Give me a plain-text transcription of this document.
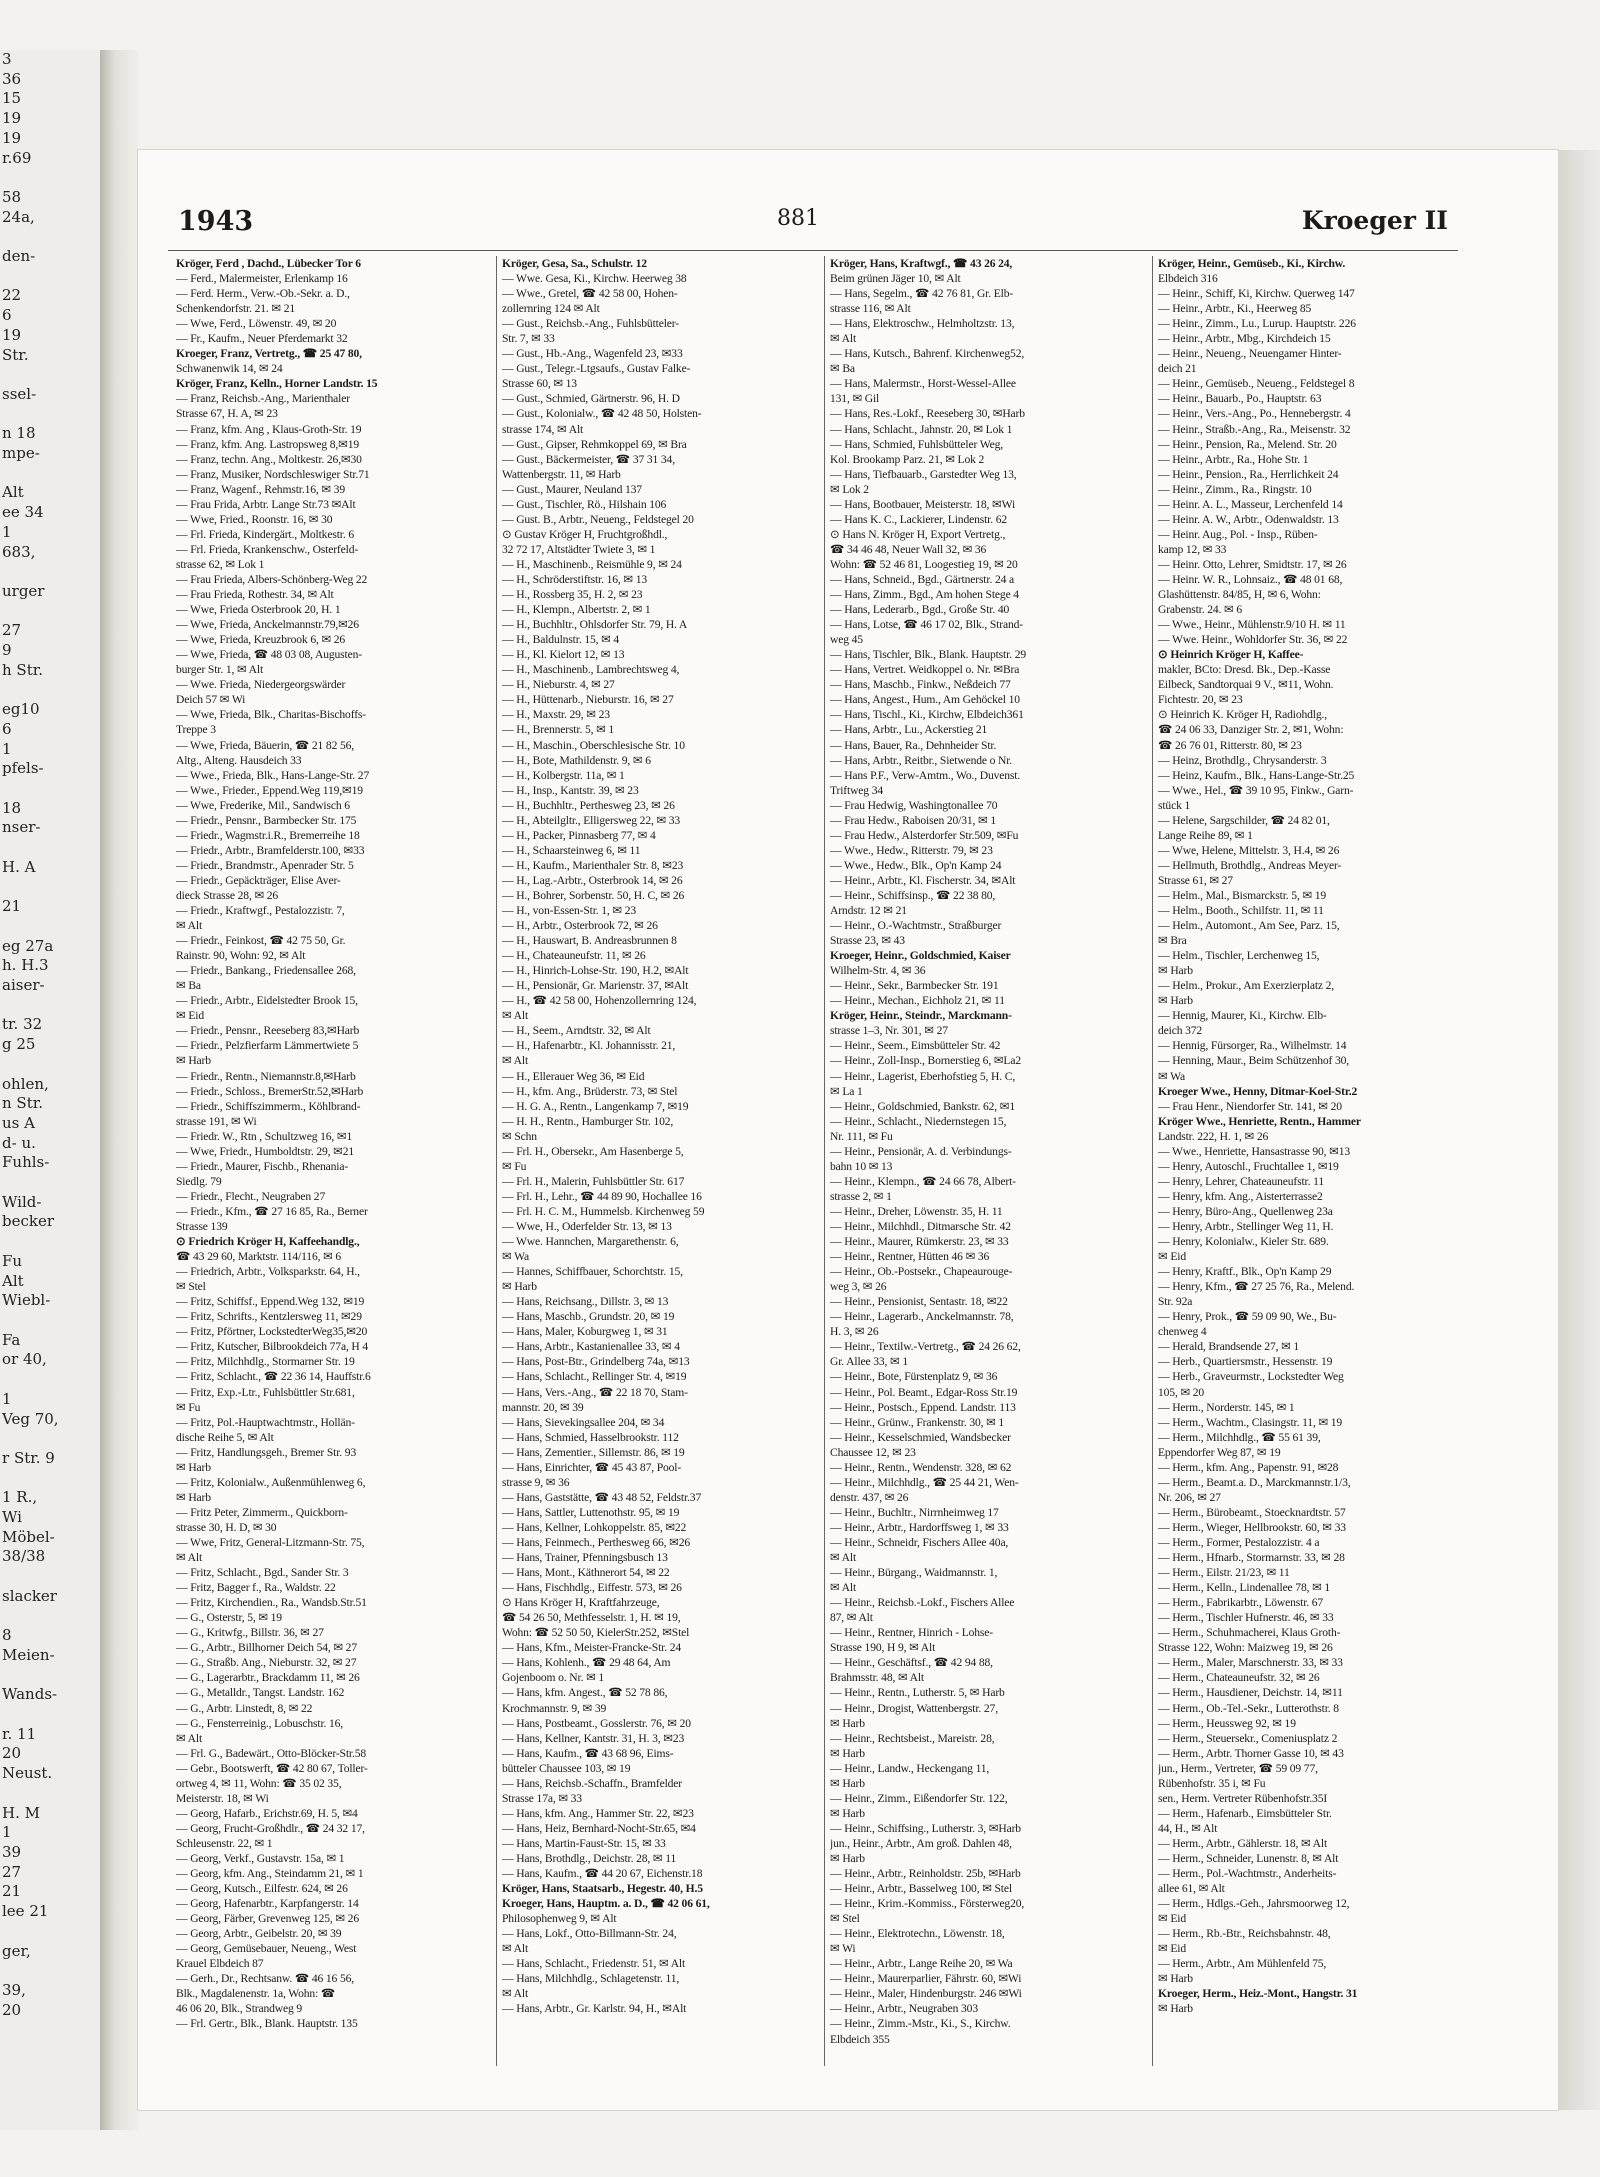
3
36
15
19
19
r.69

58
24a,

den-

22
6
19
Str.

ssel-

n 18
mpe-

Alt
ee 34
1
683,

urger

27
9
h Str.

eg10
6
1
pfels-

18
nser-

H. A

21

eg 27a
h. H.3
aiser-

tr. 32
g 25

ohlen,
n Str.
us A
d- u.
Fuhls-

Wild-
becker

Fu
Alt
Wiebl-

Fa
or 40,

1
Veg 70,

r Str. 9

1 R.,
Wi
Möbel-
38/38

slacker

8
Meien-

Wands-

r. 11
20
Neust.

H. M
1
39
27
21
lee 21

ger,

39,
20
1943	881	Kroeger II
Kröger, Ferd , Dachd., Lübecker Tor 6
— Ferd., Malermeister, Erlenkamp 16
— Ferd. Herm., Verw.-Ob.-Sekr. a. D.,
Schenkendorfstr. 21. ✉ 21
— Wwe, Ferd., Löwenstr. 49, ✉ 20
— Fr., Kaufm., Neuer Pferdemarkt 32
Kroeger, Franz, Vertretg., ☎ 25 47 80,
Schwanenwik 14, ✉ 24
Kröger, Franz, Kelln., Horner Landstr. 15
— Franz, Reichsb.-Ang., Marienthaler
Strasse 67, H. A, ✉ 23
— Franz, kfm. Ang , Klaus-Groth-Str. 19
— Franz, kfm. Ang. Lastropsweg 8,✉19
— Franz, techn. Ang., Moltkestr. 26,✉30
— Franz, Musiker, Nordschleswiger Str.71
— Franz, Wagenf., Rehmstr.16, ✉ 39
— Frau Frida, Arbtr. Lange Str.73 ✉Alt
— Wwe, Fried., Roonstr. 16, ✉ 30
— Frl. Frieda, Kindergärt., Moltkestr. 6
— Frl. Frieda, Krankenschw., Osterfeld-
strasse 62, ✉ Lok 1
— Frau Frieda, Albers-Schönberg-Weg 22
— Frau Frieda, Rothestr. 34, ✉ Alt
— Wwe, Frieda Osterbrook 20, H. 1
— Wwe, Frieda, Anckelmannstr.79,✉26
— Wwe, Frieda, Kreuzbrook 6, ✉ 26
— Wwe, Frieda, ☎ 48 03 08, Augusten-
burger Str. 1, ✉ Alt
— Wwe. Frieda, Niedergeorgswärder
Deich 57 ✉ Wi
— Wwe, Frieda, Blk., Charitas-Bischoffs-
Treppe 3
— Wwe, Frieda, Bäuerin, ☎ 21 82 56,
Altg., Alteng. Hausdeich 33
— Wwe., Frieda, Blk., Hans-Lange-Str. 27
— Wwe., Frieder., Eppend.Weg 119,✉19
— Wwe, Frederike, Mil., Sandwisch 6
— Friedr., Pensnr., Barmbecker Str. 175
— Friedr., Wagmstr.i.R., Bremerreihe 18
— Friedr., Arbtr., Bramfelderstr.100, ✉33
— Friedr., Brandmstr., Apenrader Str. 5
— Friedr., Gepäckträger, Elise Aver-
dieck Strasse 28, ✉ 26
— Friedr., Kraftwgf., Pestalozzistr. 7,
✉ Alt
— Friedr., Feinkost, ☎ 42 75 50, Gr.
Rainstr. 90, Wohn: 92, ✉ Alt
— Friedr., Bankang., Friedensallee 268,
✉ Ba
— Friedr., Arbtr., Eidelstedter Brook 15,
✉ Eid
— Friedr., Pensnr., Reeseberg 83,✉Harb
— Friedr., Pelzfierfarm Lämmertwiete 5
✉ Harb
— Friedr., Rentn., Niemannstr.8,✉Harb
— Friedr., Schloss., BremerStr.52,✉Harb
— Friedr., Schiffszimmerm., Köhlbrand-
strasse 191, ✉ Wi
— Friedr. W., Rtn , Schultzweg 16, ✉1
— Wwe, Friedr., Humboldtstr. 29, ✉21
— Friedr., Maurer, Fischb., Rhenania-
Siedlg. 79
— Friedr., Flecht., Neugraben 27
— Friedr., Kfm., ☎ 27 16 85, Ra., Berner
Strasse 139
⊙ Friedrich Kröger H, Kaffeehandlg.,
☎ 43 29 60, Marktstr. 114/116, ✉ 6
— Friedrich, Arbtr., Volksparkstr. 64, H.,
✉ Stel
— Fritz, Schiffsf., Eppend.Weg 132, ✉19
— Fritz, Schrifts., Kentzlersweg 11, ✉29
— Fritz, Pförtner, LockstedterWeg35,✉20
— Fritz, Kutscher, Bilbrookdeich 77a, H 4
— Fritz, Milchhdlg., Stormarner Str. 19
— Fritz, Schlacht., ☎ 22 36 14, Hauffstr.6
— Fritz, Exp.-Ltr., Fuhlsbüttler Str.681,
✉ Fu
— Fritz, Pol.-Hauptwachtmstr., Hollän-
dische Reihe 5, ✉ Alt
— Fritz, Handlungsgeh., Bremer Str. 93
✉ Harb
— Fritz, Kolonialw., Außenmühlenweg 6,
✉ Harb
— Fritz Peter, Zimmerm., Quickborn-
strasse 30, H. D, ✉ 30
— Wwe, Fritz, General-Litzmann-Str. 75,
✉ Alt
— Fritz, Schlacht., Bgd., Sander Str. 3
— Fritz, Bagger f., Ra., Waldstr. 22
— Fritz, Kirchendien., Ra., Wandsb.Str.51
— G., Osterstr, 5, ✉ 19
— G., Kritwfg., Billstr. 36, ✉ 27
— G., Arbtr., Billhorner Deich 54, ✉ 27
— G., Straßb. Ang., Nieburstr. 32, ✉ 27
— G., Lagerarbtr., Brackdamm 11, ✉ 26
— G., Metalldr., Tangst. Landstr. 162
— G., Arbtr. Linstedt, 8, ✉ 22
— G., Fensterreinig., Lobuschstr. 16,
✉ Alt
— Frl. G., Badewärt., Otto-Blöcker-Str.58
— Gebr., Bootswerft, ☎ 42 80 67, Toller-
ortweg 4, ✉ 11, Wohn: ☎ 35 02 35,
Meisterstr. 18, ✉ Wi
— Georg, Hafarb., Erichstr.69, H. 5, ✉4
— Georg, Frucht-Großhdlr., ☎ 24 32 17,
Schleusenstr. 22, ✉ 1
— Georg, Verkf., Gustavstr. 15a, ✉ 1
— Georg, kfm. Ang., Steindamm 21, ✉ 1
— Georg, Kutsch., Eilfestr. 624, ✉ 26
— Georg, Hafenarbtr., Karpfangerstr. 14
— Georg, Färber, Grevenweg 125, ✉ 26
— Georg, Arbtr., Geibelstr. 20, ✉ 39
— Georg, Gemüsebauer, Neueng., West
Krauel Elbdeich 87
— Gerh., Dr., Rechtsanw. ☎ 46 16 56,
Blk., Magdalenenstr. 1a, Wohn: ☎
46 06 20, Blk., Strandweg 9
— Frl. Gertr., Blk., Blank. Hauptstr. 135
Kröger, Gesa, Sa., Schulstr. 12
— Wwe. Gesa, Ki., Kirchw. Heerweg 38
— Wwe., Gretel, ☎ 42 58 00, Hohen-
zollernring 124 ✉ Alt
— Gust., Reichsb.-Ang., Fuhlsbütteler-
Str. 7, ✉ 33
— Gust., Hb.-Ang., Wagenfeld 23, ✉33
— Gust., Telegr.-Ltgsaufs., Gustav Falke-
Strasse 60, ✉ 13
— Gust., Schmied, Gärtnerstr. 96, H. D
— Gust., Kolonialw., ☎ 42 48 50, Holsten-
strasse 174, ✉ Alt
— Gust., Gipser, Rehmkoppel 69, ✉ Bra
— Gust., Bäckermeister, ☎ 37 31 34,
Wattenbergstr. 11, ✉ Harb
— Gust., Maurer, Neuland 137
— Gust., Tischler, Rö., Hilshain 106
— Gust. B., Arbtr., Neueng., Feldstegel 20
⊙ Gustav Kröger H, Fruchtgroßhdl.,
32 72 17, Altstädter Twiete 3, ✉ 1
— H., Maschinenb., Reismühle 9, ✉ 24
— H., Schröderstiftstr. 16, ✉ 13
— H., Rossberg 35, H. 2, ✉ 23
— H., Klempn., Albertstr. 2, ✉ 1
— H., Buchhltr., Ohlsdorfer Str. 79, H. A
— H., Baldulnstr. 15, ✉ 4
— H., Kl. Kielort 12, ✉ 13
— H., Maschinenb., Lambrechtsweg 4,
— H., Nieburstr. 4, ✉ 27
— H., Hüttenarb., Nieburstr. 16, ✉ 27
— H., Maxstr. 29, ✉ 23
— H., Brennerstr. 5, ✉ 1
— H., Maschin., Oberschlesische Str. 10
— H., Bote, Mathildenstr. 9, ✉ 6
— H., Kolbergstr. 11a, ✉ 1
— H., Insp., Kantstr. 39, ✉ 23
— H., Buchhltr., Perthesweg 23, ✉ 26
— H., Abteilgltr., Elligersweg 22, ✉ 33
— H., Packer, Pinnasberg 77, ✉ 4
— H., Schaarsteinweg 6, ✉ 11
— H., Kaufm., Marienthaler Str. 8, ✉23
— H., Lag.-Arbtr., Osterbrook 14, ✉ 26
— H., Bohrer, Sorbenstr. 50, H. C, ✉ 26
— H., von-Essen-Str. 1, ✉ 23
— H., Arbtr., Osterbrook 72, ✉ 26
— H., Hauswart, B. Andreasbrunnen 8
— H., Chateauneufstr. 11, ✉ 26
— H., Hinrich-Lohse-Str. 190, H.2, ✉Alt
— H., Pensionär, Gr. Marienstr. 37, ✉Alt
— H., ☎ 42 58 00, Hohenzollernring 124,
✉ Alt
— H., Seem., Arndtstr. 32, ✉ Alt
— H., Hafenarbtr., Kl. Johannisstr. 21,
✉ Alt
— H., Ellerauer Weg 36, ✉ Eid
— H., kfm. Ang., Brüderstr. 73, ✉ Stel
— H. G. A., Rentn., Langenkamp 7, ✉19
— H. H., Rentn., Hamburger Str. 102,
✉ Schn
— Frl. H., Obersekr., Am Hasenberge 5,
✉ Fu
— Frl. H., Malerin, Fuhlsbüttler Str. 617
— Frl. H., Lehr., ☎ 44 89 90, Hochallee 16
— Frl. H. C. M., Hummelsb. Kirchenweg 59
— Wwe, H., Oderfelder Str. 13, ✉ 13
— Wwe. Hannchen, Margarethenstr. 6,
✉ Wa
— Hannes, Schiffbauer, Schorchtstr. 15,
✉ Harb
— Hans, Reichsang., Dillstr. 3, ✉ 13
— Hans, Maschb., Grundstr. 20, ✉ 19
— Hans, Maler, Koburgweg 1, ✉ 31
— Hans, Arbtr., Kastanienallee 33, ✉ 4
— Hans, Post-Btr., Grindelberg 74a, ✉13
— Hans, Schlacht., Rellinger Str. 4, ✉19
— Hans, Vers.-Ang., ☎ 22 18 70, Stam-
mannstr. 20, ✉ 39
— Hans, Sievekingsallee 204, ✉ 34
— Hans, Schmied, Hasselbrookstr. 112
— Hans, Zementier., Sillemstr. 86, ✉ 19
— Hans, Einrichter, ☎ 45 43 87, Pool-
strasse 9, ✉ 36
— Hans, Gaststätte, ☎ 43 48 52, Feldstr.37
— Hans, Sattler, Luttenothstr. 95, ✉ 19
— Hans, Kellner, Lohkoppelstr. 85, ✉22
— Hans, Feinmech., Perthesweg 66, ✉26
— Hans, Trainer, Pfenningsbusch 13
— Hans, Mont., Käthnerort 54, ✉ 22
— Hans, Fischhdlg., Eiffestr. 573, ✉ 26
⊙ Hans Kröger H, Kraftfahrzeuge,
☎ 54 26 50, Methfesselstr. 1, H. ✉ 19,
Wohn: ☎ 52 50 50, KielerStr.252, ✉Stel
— Hans, Kfm., Meister-Francke-Str. 24
— Hans, Kohlenh., ☎ 29 48 64, Am
Gojenboom o. Nr. ✉ 1
— Hans, kfm. Angest., ☎ 52 78 86,
Krochmannstr. 9, ✉ 39
— Hans, Postbeamt., Gosslerstr. 76, ✉ 20
— Hans, Kellner, Kantstr. 31, H. 3, ✉23
— Hans, Kaufm., ☎ 43 68 96, Eims-
bütteler Chaussee 103, ✉ 19
— Hans, Reichsb.-Schaffn., Bramfelder
Strasse 17a, ✉ 33
— Hans, kfm. Ang., Hammer Str. 22, ✉23
— Hans, Heiz, Bernhard-Nocht-Str.65, ✉4
— Hans, Martin-Faust-Str. 15, ✉ 33
— Hans, Brothdlg., Deichstr. 28, ✉ 11
— Hans, Kaufm., ☎ 44 20 67, Eichenstr.18
Kröger, Hans, Staatsarb., Hegestr. 40, H.5
Kroeger, Hans, Hauptm. a. D., ☎ 42 06 61,
Philosophenweg 9, ✉ Alt
— Hans, Lokf., Otto-Billmann-Str. 24,
✉ Alt
— Hans, Schlacht., Friedenstr. 51, ✉ Alt
— Hans, Milchhdlg., Schlagetenstr. 11,
✉ Alt
— Hans, Arbtr., Gr. Karlstr. 94, H., ✉Alt
Kröger, Hans, Kraftwgf., ☎ 43 26 24,
Beim grünen Jäger 10, ✉ Alt
— Hans, Segelm., ☎ 42 76 81, Gr. Elb-
strasse 116, ✉ Alt
— Hans, Elektroschw., Helmholtzstr. 13,
✉ Alt
— Hans, Kutsch., Bahrenf. Kirchenweg52,
✉ Ba
— Hans, Malermstr., Horst-Wessel-Allee
131, ✉ Gil
— Hans, Res.-Lokf., Reeseberg 30, ✉Harb
— Hans, Schlacht., Jahnstr. 20, ✉ Lok 1
— Hans, Schmied, Fuhlsbütteler Weg,
Kol. Brookamp Parz. 21, ✉ Lok 2
— Hans, Tiefbauarb., Garstedter Weg 13,
✉ Lok 2
— Hans, Bootbauer, Meisterstr. 18, ✉Wi
— Hans K. C., Lackierer, Lindenstr. 62
⊙ Hans N. Kröger H, Export Vertretg.,
☎ 34 46 48, Neuer Wall 32, ✉ 36
Wohn: ☎ 52 46 81, Loogestieg 19, ✉ 20
— Hans, Schneid., Bgd., Gärtnerstr. 24 a
— Hans, Zimm., Bgd., Am hohen Stege 4
— Hans, Lederarb., Bgd., Große Str. 40
— Hans, Lotse, ☎ 46 17 02, Blk., Strand-
weg 45
— Hans, Tischler, Blk., Blank. Hauptstr. 29
— Hans, Vertret. Weidkoppel o. Nr. ✉Bra
— Hans, Maschb., Finkw., Neßdeich 77
— Hans, Angest., Hum., Am Gehöckel 10
— Hans, Tischl., Ki., Kirchw, Elbdeich361
— Hans, Arbtr., Lu., Ackerstieg 21
— Hans, Bauer, Ra., Dehnheider Str.
— Hans, Arbtr., Reitbr., Sietwende o Nr.
— Hans P.F., Verw-Amtm., Wo., Duvenst.
Triftweg 34
— Frau Hedwig, Washingtonallee 70
— Frau Hedw., Raboisen 20/31, ✉ 1
— Frau Hedw., Alsterdorfer Str.509, ✉Fu
— Wwe., Hedw., Ritterstr. 79, ✉ 23
— Wwe., Hedw., Blk., Op'n Kamp 24
— Heinr., Arbtr., Kl. Fischerstr. 34, ✉Alt
— Heinr., Schiffsinsp., ☎ 22 38 80,
Arndstr. 12 ✉ 21
— Heinr., O.-Wachtmstr., Straßburger
Strasse 23, ✉ 43
Kroeger, Heinr., Goldschmied, Kaiser
Wilhelm-Str. 4, ✉ 36
— Heinr., Sekr., Barmbecker Str. 191
— Heinr., Mechan., Eichholz 21, ✉ 11
Kröger, Heinr., Steindr., Marckmann-
strasse 1–3, Nr. 301, ✉ 27
— Heinr., Seem., Eimsbütteler Str. 42
— Heinr., Zoll-Insp., Bornerstieg 6, ✉La2
— Heinr., Lagerist, Eberhofstieg 5, H. C,
✉ La 1
— Heinr., Goldschmied, Bankstr. 62, ✉1
— Heinr., Schlacht., Niedernstegen 15,
Nr. 111, ✉ Fu
— Heinr., Pensionär, A. d. Verbindungs-
bahn 10 ✉ 13
— Heinr., Klempn., ☎ 24 66 78, Albert-
strasse 2, ✉ 1
— Heinr., Dreher, Löwenstr. 35, H. 11
— Heinr., Milchhdl., Ditmarsche Str. 42
— Heinr., Maurer, Rümkerstr. 23, ✉ 33
— Heinr., Rentner, Hütten 46 ✉ 36
— Heinr., Ob.-Postsekr., Chapeaurouge-
weg 3, ✉ 26
— Heinr., Pensionist, Sentastr. 18, ✉22
— Heinr., Lagerarb., Anckelmannstr. 78,
H. 3, ✉ 26
— Heinr., Textilw.-Vertretg., ☎ 24 26 62,
Gr. Allee 33, ✉ 1
— Heinr., Bote, Fürstenplatz 9, ✉ 36
— Heinr., Pol. Beamt., Edgar-Ross Str.19
— Heinr., Postsch., Eppend. Landstr. 113
— Heinr., Grünw., Frankenstr. 30, ✉ 1
— Heinr., Kesselschmied, Wandsbecker
Chaussee 12, ✉ 23
— Heinr., Rentn., Wendenstr. 328, ✉ 62
— Heinr., Milchhdlg., ☎ 25 44 21, Wen-
denstr. 437, ✉ 26
— Heinr., Buchltr., Nirrnheimweg 17
— Heinr., Arbtr., Hardorffsweg 1, ✉ 33
— Heinr., Schneidr, Fischers Allee 40a,
✉ Alt
— Heinr., Bürgang., Waidmannstr. 1,
✉ Alt
— Heinr., Reichsb.-Lokf., Fischers Allee
87, ✉ Alt
— Heinr., Rentner, Hinrich - Lohse-
Strasse 190, H 9, ✉ Alt
— Heinr., Geschäftsf., ☎ 42 94 88,
Brahmsstr. 48, ✉ Alt
— Heinr., Rentn., Lutherstr. 5, ✉ Harb
— Heinr., Drogist, Wattenbergstr. 27,
✉ Harb
— Heinr., Rechtsbeist., Mareistr. 28,
✉ Harb
— Heinr., Landw., Heckengang 11,
✉ Harb
— Heinr., Zimm., Eißendorfer Str. 122,
✉ Harb
— Heinr., Schiffsing., Lutherstr. 3, ✉Harb
jun., Heinr., Arbtr., Am groß. Dahlen 48,
✉ Harb
— Heinr., Arbtr., Reinholdstr. 25b, ✉Harb
— Heinr., Arbtr., Basselweg 100, ✉ Stel
— Heinr., Krim.-Kommiss., Försterweg20,
✉ Stel
— Heinr., Elektrotechn., Löwenstr. 18,
✉ Wi
— Heinr., Arbtr., Lange Reihe 20, ✉ Wa
— Heinr., Maurerparlier, Fährstr. 60, ✉Wi
— Heinr., Maler, Hindenburgstr. 246 ✉Wi
— Heinr., Arbtr., Neugraben 303
— Heinr., Zimm.-Mstr., Ki., S., Kirchw.
Elbdeich 355
Kröger, Heinr., Gemüseb., Ki., Kirchw.
Elbdeich 316
— Heinr., Schiff, Ki, Kirchw. Querweg 147
— Heinr., Arbtr., Ki., Heerweg 85
— Heinr., Zimm., Lu., Lurup. Hauptstr. 226
— Heinr., Arbtr., Mbg., Kirchdeich 15
— Heinr., Neueng., Neuengamer Hinter-
deich 21
— Heinr., Gemüseb., Neueng., Feldstegel 8
— Heinr., Bauarb., Po., Hauptstr. 63
— Heinr., Vers.-Ang., Po., Hennebergstr. 4
— Heinr., Straßb.-Ang., Ra., Meisenstr. 32
— Heinr., Pension, Ra., Melend. Str. 20
— Heinr., Arbtr., Ra., Hohe Str. 1
— Heinr., Pension., Ra., Herrlichkeit 24
— Heinr., Zimm., Ra., Ringstr. 10
— Heinr. A. L., Masseur, Lerchenfeld 14
— Heinr. A. W., Arbtr., Odenwaldstr. 13
— Heinr. Aug., Pol. - Insp., Rüben-
kamp 12, ✉ 33
— Heinr. Otto, Lehrer, Smidtstr. 17, ✉ 26
— Heinr. W. R., Lohnsaiz., ☎ 48 01 68,
Glashüttenstr. 84/85, H, ✉ 6, Wohn:
Grabenstr. 24. ✉ 6
— Wwe., Heinr., Mühlenstr.9/10 H. ✉ 11
— Wwe. Heinr., Wohldorfer Str. 36, ✉ 22
⊙ Heinrich Kröger H, Kaffee-
makler, BCto: Dresd. Bk., Dep.-Kasse
Eilbeck, Sandtorquai 9 V., ✉11, Wohn.
Fichtestr. 20, ✉ 23
⊙ Heinrich K. Kröger H, Radiohdlg.,
☎ 24 06 33, Danziger Str. 2, ✉1, Wohn:
☎ 26 76 01, Ritterstr. 80, ✉ 23
— Heinz, Brothdlg., Chrysanderstr. 3
— Heinz, Kaufm., Blk., Hans-Lange-Str.25
— Wwe., Hel., ☎ 39 10 95, Finkw., Garn-
stück 1
— Helene, Sargschilder, ☎ 24 82 01,
Lange Reihe 89, ✉ 1
— Wwe, Helene, Mittelstr. 3, H.4, ✉ 26
— Hellmuth, Brothdlg., Andreas Meyer-
Strasse 61, ✉ 27
— Helm., Mal., Bismarckstr. 5, ✉ 19
— Helm., Booth., Schilfstr. 11, ✉ 11
— Helm., Automont., Am See, Parz. 15,
✉ Bra
— Helm., Tischler, Lerchenweg 15,
✉ Harb
— Helm., Prokur., Am Exerzierplatz 2,
✉ Harb
— Hennig, Maurer, Ki., Kirchw. Elb-
deich 372
— Hennig, Fürsorger, Ra., Wilhelmstr. 14
— Henning, Maur., Beim Schützenhof 30,
✉ Wa
Kroeger Wwe., Henny, Ditmar-Koel-Str.2
— Frau Henr., Niendorfer Str. 141, ✉ 20
Kröger Wwe., Henriette, Rentn., Hammer
Landstr. 222, H. 1, ✉ 26
— Wwe., Henriette, Hansastrasse 90, ✉13
— Henry, Autoschl., Fruchtallee 1, ✉19
— Henry, Lehrer, Chateauneufstr. 11
— Henry, kfm. Ang., Aisterterrasse2
— Henry, Büro-Ang., Quellenweg 23a
— Henry, Arbtr., Stellinger Weg 11, H.
— Henry, Kolonialw., Kieler Str. 689.
✉ Eid
— Henry, Kraftf., Blk., Op'n Kamp 29
— Henry, Kfm., ☎ 27 25 76, Ra., Melend.
Str. 92a
— Henry, Prok., ☎ 59 09 90, We., Bu-
chenweg 4
— Herald, Brandsende 27, ✉ 1
— Herb., Quartiersmstr., Hessenstr. 19
— Herb., Graveurmstr., Lockstedter Weg
105, ✉ 20
— Herm., Norderstr. 145, ✉ 1
— Herm., Wachtm., Clasingstr. 11, ✉ 19
— Herm., Milchhdlg., ☎ 55 61 39,
Eppendorfer Weg 87, ✉ 19
— Herm., kfm. Ang., Papenstr. 91, ✉28
— Herm., Beamt.a. D., Marckmannstr.1/3,
Nr. 206, ✉ 27
— Herm., Bürobeamt., Stoecknardtstr. 57
— Herm., Wieger, Hellbrookstr. 60, ✉ 33
— Herm., Former, Pestalozzistr. 4 a
— Herm., Hfnarb., Stormarnstr. 33, ✉ 28
— Herm., Eilstr. 21/23, ✉ 11
— Herm., Kelln., Lindenallee 78, ✉ 1
— Herm., Fabrikarbtr., Löwenstr. 67
— Herm., Tischler Hufnerstr. 46, ✉ 33
— Herm., Schuhmacherei, Klaus Groth-
Strasse 122, Wohn: Maizweg 19, ✉ 26
— Herm., Maler, Marschnerstr. 33, ✉ 33
— Herm., Chateauneufstr. 32, ✉ 26
— Herm., Hausdiener, Deichstr. 14, ✉11
— Herm., Ob.-Tel.-Sekr., Lutterothstr. 8
— Herm., Heussweg 92, ✉ 19
— Herm., Steuersekr., Comeniusplatz 2
— Herm., Arbtr. Thorner Gasse 10, ✉ 43
jun., Herm., Vertreter, ☎ 59 09 77,
Rübenhofstr. 35 i, ✉ Fu
sen., Herm. Vertreter Rübenhofstr.35I
— Herm., Hafenarb., Eimsbütteler Str.
44, H., ✉ Alt
— Herm., Arbtr., Gählerstr. 18, ✉ Alt
— Herm., Schneider, Lunenstr. 8, ✉ Alt
— Herm., Pol.-Wachtmstr., Anderheits-
allee 61, ✉ Alt
— Herm., Hdlgs.-Geh., Jahrsmoorweg 12,
✉ Eid
— Herm., Rb.-Btr., Reichsbahnstr. 48,
✉ Eid
— Herm., Arbtr., Am Mühlenfeld 75,
✉ Harb
Kroeger, Herm., Heiz.-Mont., Hangstr. 31
✉ Harb
